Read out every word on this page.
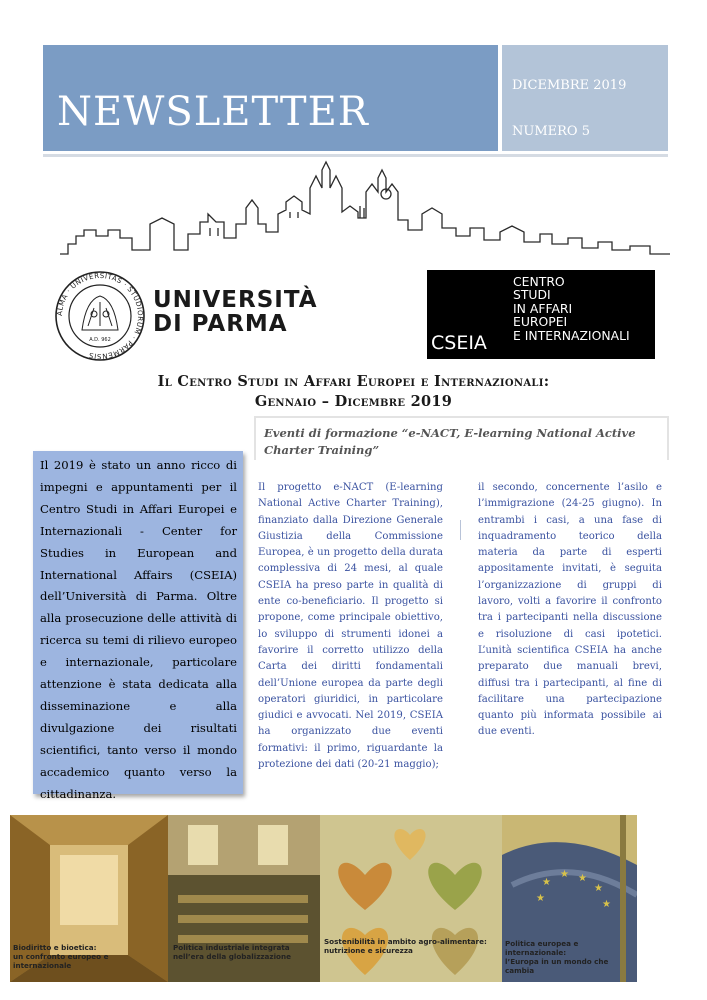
NEWSLETTER
DICEMBRE 2019
NUMERO 5
ALMA · UNIVERSITAS · STUDIORUM · PARMENSIS
A.D. 962
UNIVERSITÀ
DI PARMA
CSEIA
CENTRO
STUDI
IN AFFARI
EUROPEI
E INTERNAZIONALI
Il Centro Studi in Affari Europei e Internazionali:
Gennaio – Dicembre 2019
Eventi di formazione “e-NACT, E-learning National Active Charter Training”
Il 2019 è stato un anno ricco di impegni e appuntamenti per il Centro Studi in Affari Europei e Internazionali - Center for Studies in European and International Affairs (CSEIA) dell’Università di Parma. Oltre alla prosecuzione delle attività di ricerca su temi di rilievo europeo e internazionale, particolare attenzione è stata dedicata alla disseminazione e alla divulgazione dei risultati scientifici, tanto verso il mondo accademico quanto verso la cittadinanza.
Il progetto e-NACT (E-learning National Active Charter Training), finanziato dalla Direzione Generale Giustizia della Commissione Europea, è un progetto della durata complessiva di 24 mesi, al quale CSEIA ha preso parte in qualità di ente co-beneficiario. Il progetto si propone, come principale obiettivo, lo sviluppo di strumenti idonei a favorire il corretto utilizzo della Carta dei diritti fondamentali dell’Unione europea da parte degli operatori giuridici, in particolare giudici e avvocati. Nel 2019, CSEIA ha organizzato due eventi formativi: il primo, riguardante la protezione dei dati (20-21 maggio);
il secondo, concernente l’asilo e l’immigrazione (24-25 giugno). In entrambi i casi, a una fase di inquadramento teorico della materia da parte di esperti appositamente invitati, è seguita l’organizzazione di gruppi di lavoro, volti a favorire il confronto tra i partecipanti nella discussione e risoluzione di casi ipotetici. L’unità scientifica CSEIA ha anche preparato due manuali brevi, diffusi tra i partecipanti, al fine di facilitare una partecipazione quanto più informata possibile ai due eventi.
Biodiritto e bioetica:
un confronto europeo e internazionale
Politica industriale integrata
nell’era della globalizzazione
Sostenibilità in ambito agro-alimentare:
nutrizione e sicurezza
★
★ ★
★
★
★
Politica europea e internazionale:
l’Europa in un mondo che cambia
